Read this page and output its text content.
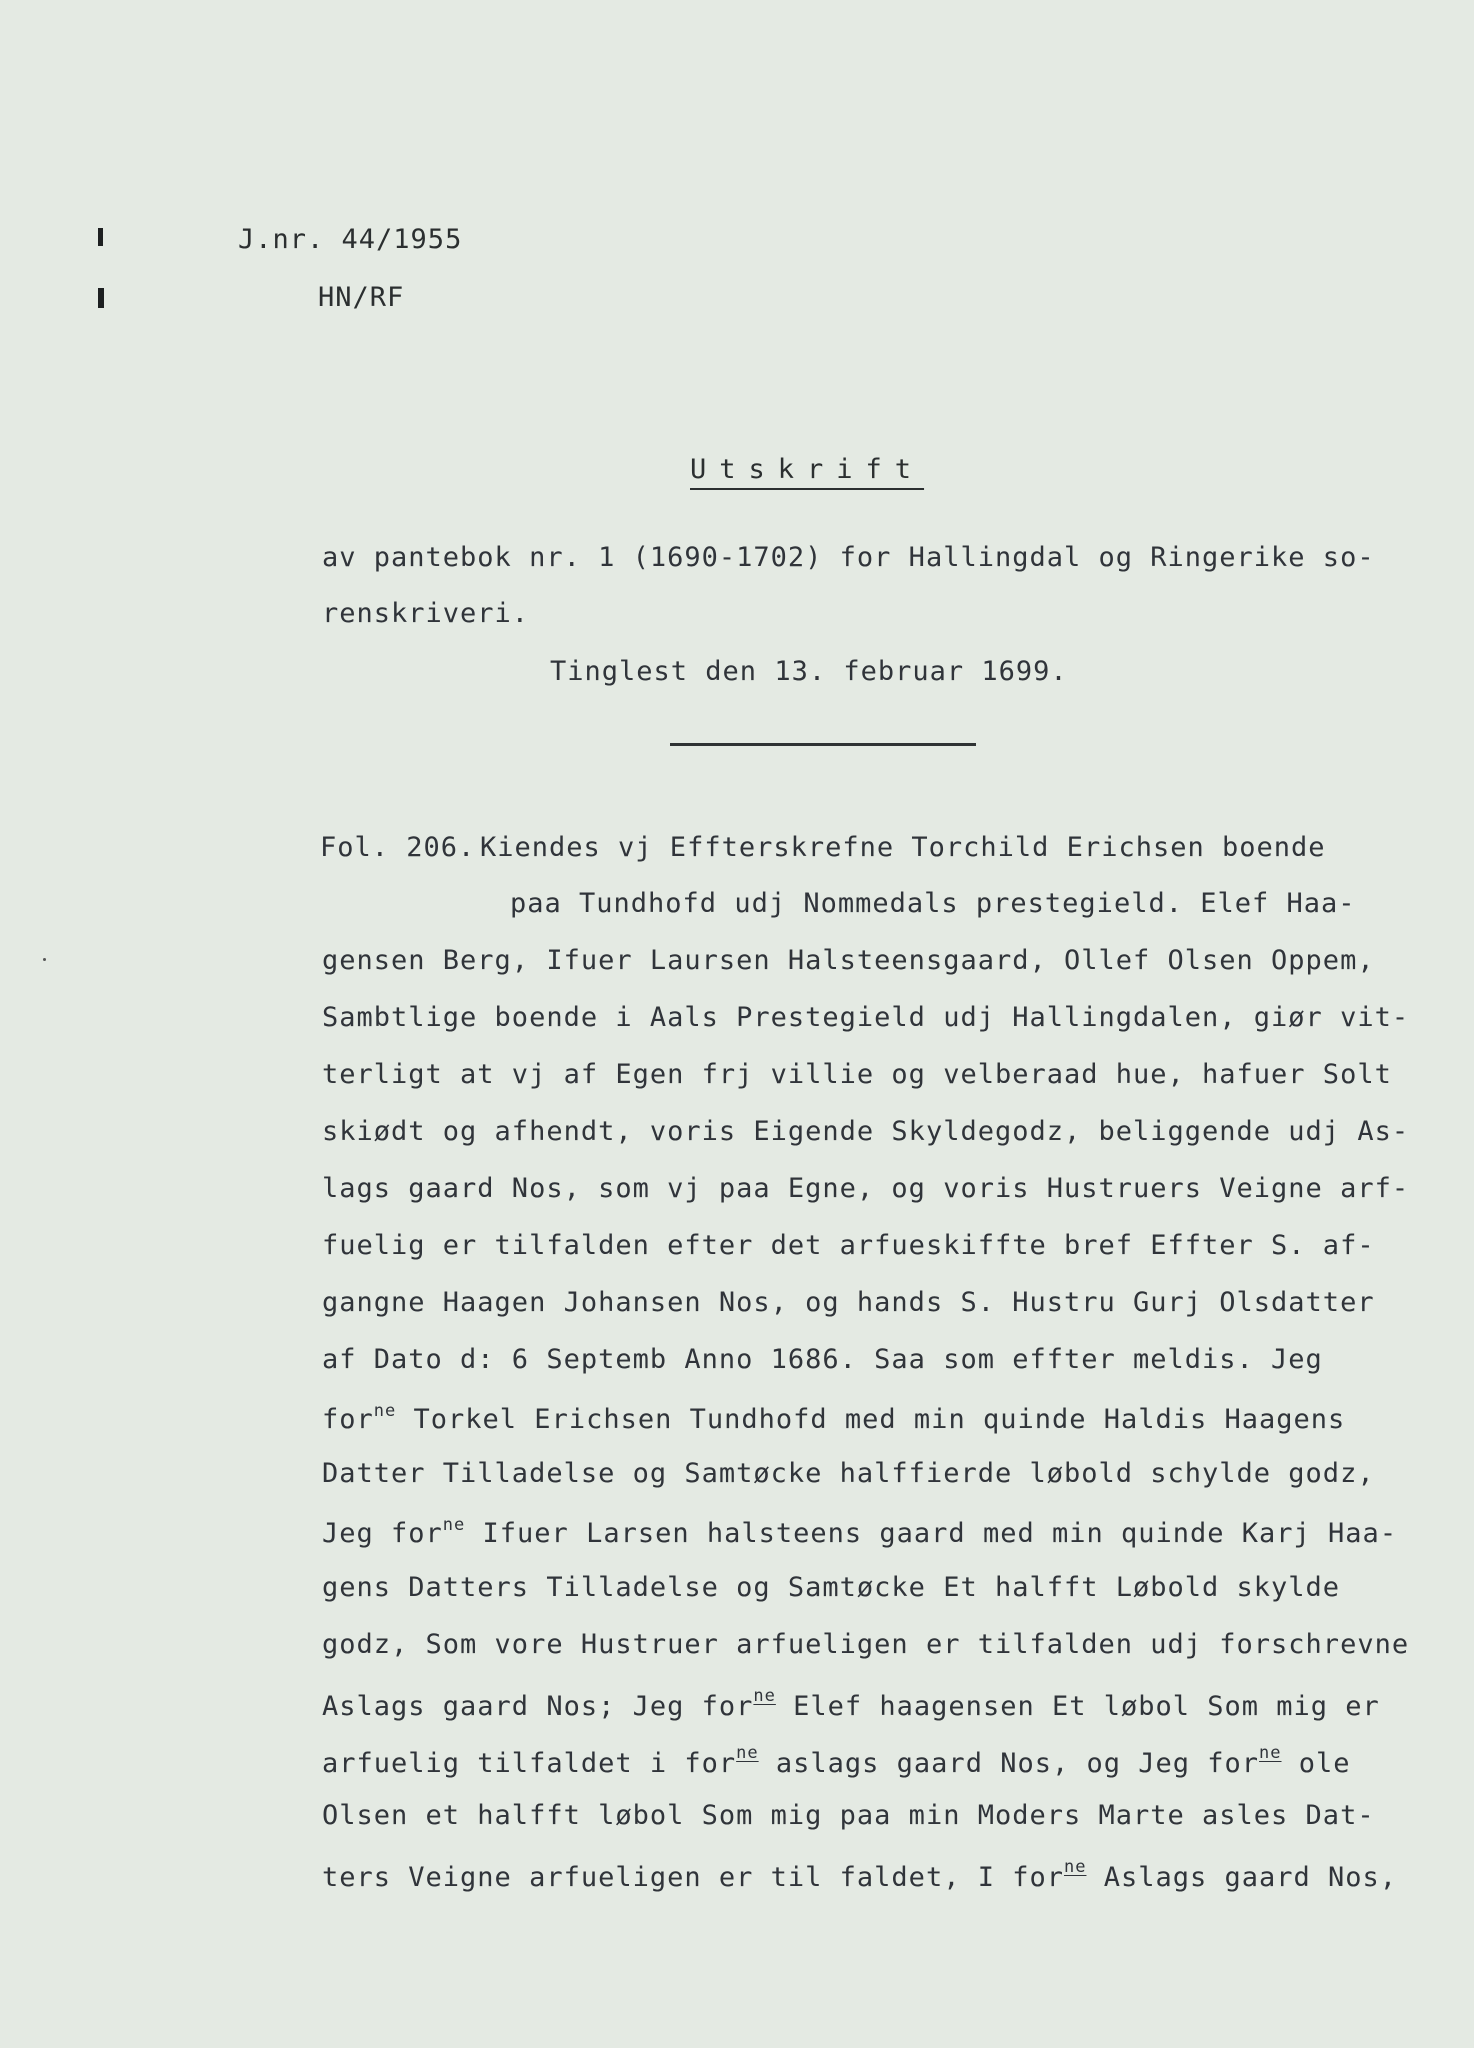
J.nr. 44/1955
HN/RF
Utskrift
av pantebok nr. 1 (1690-1702) for Hallingdal og Ringerike so-
renskriveri.
Tinglest den 13. februar 1699.
Fol. 206. Kiendes vj Effterskrefne Torchild Erichsen boende
paa Tundhofd udj Nommedals prestegield. Elef Haa-
gensen Berg, Ifuer Laursen Halsteensgaard, Ollef Olsen Oppem,
Sambtlige boende i Aals Prestegield udj Hallingdalen, giør vit-
terligt at vj af Egen frj villie og velberaad hue, hafuer Solt
skiødt og afhendt, voris Eigende Skyldegodz, beliggende udj As-
lags gaard Nos, som vj paa Egne, og voris Hustruers Veigne arf-
fuelig er tilfalden efter det arfueskiffte bref Effter S. af-
gangne Haagen Johansen Nos, og hands S. Hustru Gurj Olsdatter
af Dato d: 6 Septemb Anno 1686. Saa som effter meldis. Jeg
for$^{ne}$ Torkel Erichsen Tundhofd med min quinde Haldis Haagens
Datter Tilladelse og Samtøcke halffierde løbold schylde godz,
Jeg for$^{ne}$ Ifuer Larsen halsteens gaard med min quinde Karj Haa-
gens Datters Tilladelse og Samtøcke Et halfft Løbold skylde
godz, Som vore Hustruer arfueligen er tilfalden udj forschrevne
Aslags gaard Nos; Jeg for$^{ne}$ Elef haagensen Et løbol Som mig er
arfuelig tilfaldet i for$^{ne}$ aslags gaard Nos, og Jeg for$^{ne}$ ole
Olsen et halfft løbol Som mig paa min Moders Marte asles Dat-
ters Veigne arfueligen er til faldet, I for$^{ne}$ Aslags gaard Nos,
